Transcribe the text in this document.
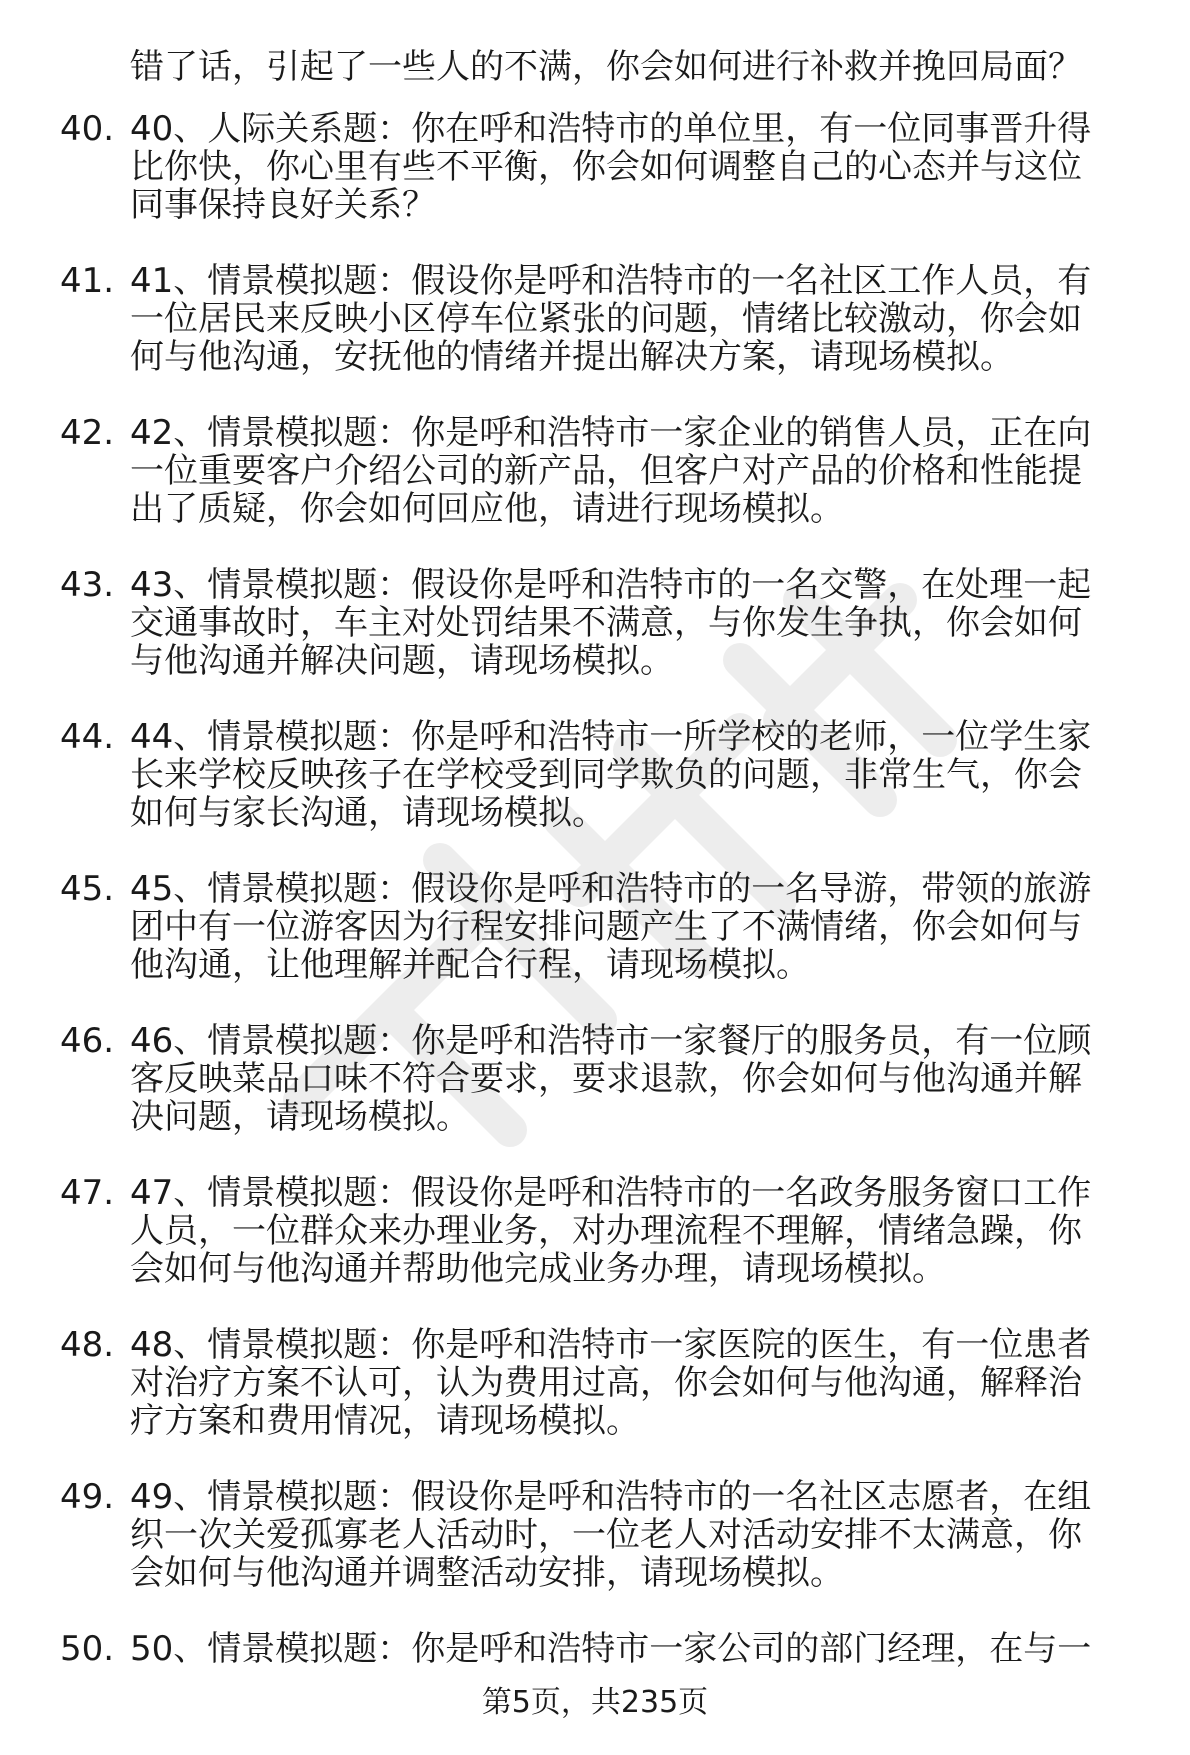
错了话，引起了一些人的不满，你会如何进行补救并挽回局面？
40. 40、人际关系题：你在呼和浩特市的单位里，有一位同事晋升得
比你快，你心里有些不平衡，你会如何调整自己的心态并与这位
同事保持良好关系？
41. 41、情景模拟题：假设你是呼和浩特市的一名社区工作人员，有
一位居民来反映小区停车位紧张的问题，情绪比较激动，你会如
何与他沟通，安抚他的情绪并提出解决方案，请现场模拟。
42. 42、情景模拟题：你是呼和浩特市一家企业的销售人员，正在向
一位重要客户介绍公司的新产品，但客户对产品的价格和性能提
出了质疑，你会如何回应他，请进行现场模拟。
43. 43、情景模拟题：假设你是呼和浩特市的一名交警，在处理一起
交通事故时，车主对处罚结果不满意，与你发生争执，你会如何
与他沟通并解决问题，请现场模拟。
44. 44、情景模拟题：你是呼和浩特市一所学校的老师，一位学生家
长来学校反映孩子在学校受到同学欺负的问题，非常生气，你会
如何与家长沟通，请现场模拟。
45. 45、情景模拟题：假设你是呼和浩特市的一名导游，带领的旅游
团中有一位游客因为行程安排问题产生了不满情绪，你会如何与
他沟通，让他理解并配合行程，请现场模拟。
46. 46、情景模拟题：你是呼和浩特市一家餐厅的服务员，有一位顾
客反映菜品口味不符合要求，要求退款，你会如何与他沟通并解
决问题，请现场模拟。
47. 47、情景模拟题：假设你是呼和浩特市的一名政务服务窗口工作
人员，一位群众来办理业务，对办理流程不理解，情绪急躁，你
会如何与他沟通并帮助他完成业务办理，请现场模拟。
48. 48、情景模拟题：你是呼和浩特市一家医院的医生，有一位患者
对治疗方案不认可，认为费用过高，你会如何与他沟通，解释治
疗方案和费用情况，请现场模拟。
49. 49、情景模拟题：假设你是呼和浩特市的一名社区志愿者，在组
织一次关爱孤寡老人活动时，一位老人对活动安排不太满意，你
会如何与他沟通并调整活动安排，请现场模拟。
50. 50、情景模拟题：你是呼和浩特市一家公司的部门经理，在与一
第5页，共235页
